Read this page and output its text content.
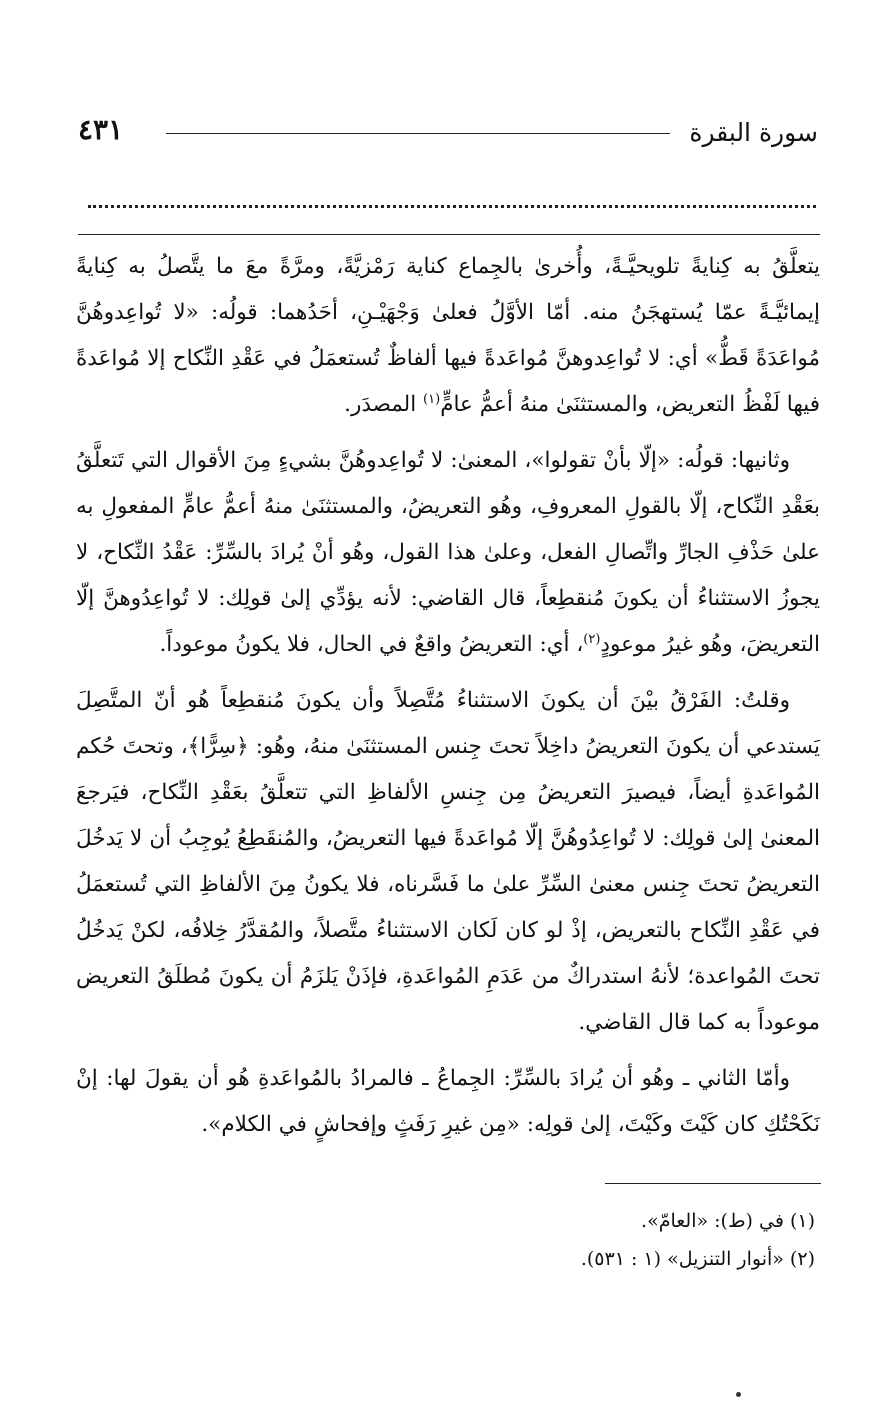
سورة البقرة
٤٣١

يتعلَّقُ به كِنايةً تلويحيَّـةً، وأُخرىٰ بالجِماع كناية رَمْزيَّةً، ومرَّةً معَ ما يتَّصلُ به كِنايةً إيمائيَّـةً عمّا يُستهجَنُ منه. أمّا الأوَّلُ فعلىٰ وَجْهَيْـنِ، أحَدُهما: قولُه: «لا تُواعِدوهُنَّ مُواعَدَةً قَطُّ» أي: لا تُواعِدوهنَّ مُواعَدةً فيها ألفاظٌ تُستعمَلُ في عَقْدِ النِّكاح إلا مُواعَدةً فيها لَفْظُ التعريض، والمستثنَىٰ منهُ أعمُّ عامٍّ$^{(١)}$ المصدَر.

وثانيها: قولُه: «إلّا بأنْ تقولوا»، المعنىٰ: لا تُواعِدوهُنَّ بشيءٍ مِنَ الأقوال التي تَتعلَّقُ بعَقْدِ النِّكاح، إلّا بالقولِ المعروفِ، وهُو التعريضُ، والمستثنَىٰ منهُ أعمُّ عامٍّ المفعولِ به علىٰ حَذْفِ الجارِّ واتِّصالِ الفعل، وعلىٰ هذا القول، وهُو أنْ يُرادَ بالسِّرِّ: عَقْدُ النِّكاح، لا يجوزُ الاستثناءُ أن يكونَ مُنقطِعاً، قال القاضي: لأنه يؤدِّي إلىٰ قولِك: لا تُواعِدُوهنَّ إلّا التعريضَ، وهُو غيرُ موعودٍ$^{(٢)}$، أي: التعريضُ واقعٌ في الحال، فلا يكونُ موعوداً.

وقلتُ: الفَرْقُ بيْنَ أن يكونَ الاستثناءُ مُتَّصِلاً وأن يكونَ مُنقطِعاً هُو أنّ المتَّصِلَ يَستدعي أن يكونَ التعريضُ داخِلاً تحتَ جِنس المستثنَىٰ منهُ، وهُو: ﴿سِرًّا﴾، وتحتَ حُكم المُواعَدةِ أيضاً، فيصيرَ التعريضُ مِن جِنسِ الألفاظِ التي تتعلَّقُ بعَقْدِ النِّكاح، فيَرجعَ المعنىٰ إلىٰ قولِك: لا تُواعِدُوهُنَّ إلّا مُواعَدةً فيها التعريضُ، والمُنقَطِعُ يُوجِبُ أن لا يَدخُلَ التعريضُ تحتَ جِنس معنىٰ السِّرِّ علىٰ ما فَسَّرناه، فلا يكونُ مِنَ الألفاظِ التي تُستعمَلُ في عَقْدِ النِّكاح بالتعريض، إذْ لو كان لَكان الاستثناءُ متَّصلاً، والمُقدَّرُ خِلافُه، لكنْ يَدخُلُ تحتَ المُواعدة؛ لأنهُ استدراكٌ من عَدَمِ المُواعَدةِ، فإذَنْ يَلزَمُ أن يكونَ مُطلَقُ التعريض موعوداً به كما قال القاضي.

وأمّا الثاني ـ وهُو أن يُرادَ بالسِّرِّ: الجِماعُ ـ فالمرادُ بالمُواعَدةِ هُو أن يقولَ لها: إنْ نَكَحْتُكِ كان كَيْتَ وكَيْتَ، إلىٰ قولِه: «مِن غيرِ رَفَثٍ وإفحاشٍ في الكلام».

(١) في (ط): «العامّ».
(٢) «أنوار التنزيل» (١ : ٥٣١).
